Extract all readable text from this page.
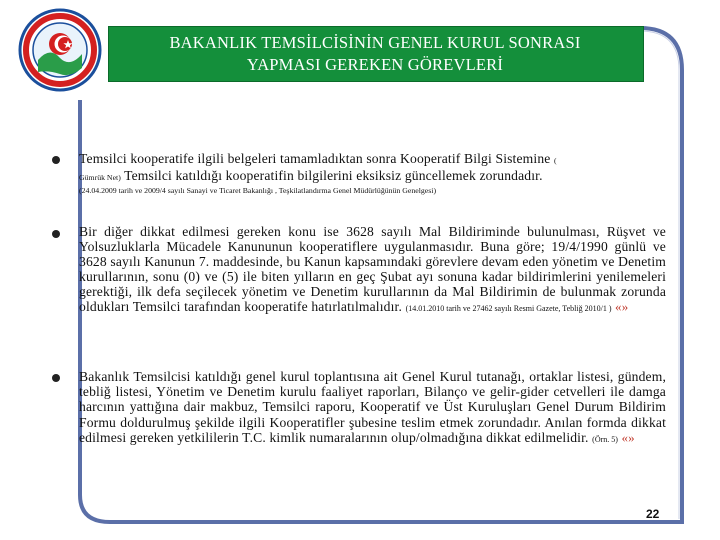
BAKANLIK TEMSİLCİSİNİN GENEL KURUL SONRASI
YAPMASI GEREKEN GÖREVLERİ
Temsilci kooperatife ilgili belgeleri tamamladıktan sonra Kooperatif Bilgi Sistemine (
Gümrük Net) Temsilci katıldığı kooperatifin bilgilerini eksiksiz güncellemek zorundadır.
$^{(24.04.2009 tarih ve 2009/4 sayılı Sanayi ve Ticaret Bakanlığı , Teşkilatlandırma Genel Müdürlüğünün Genelgesi)}$
Bir diğer dikkat edilmesi gereken konu ise 3628 sayılı Mal Bildiriminde bulunulması, Rüşvet ve Yolsuzluklarla Mücadele Kanununun kooperatiflere uygulanmasıdır. Buna göre; 19/4/1990 günlü ve 3628 sayılı Kanunun 7. maddesinde, bu Kanun kapsamındaki görevlere devam eden yönetim ve Denetim kurullarının, sonu (0) ve (5) ile biten yılların en geç Şubat ayı sonuna kadar bildirimlerini yenilemeleri gerektiği, ilk defa seçilecek yönetim ve Denetim kurullarının da Mal Bildirimin de bulunmak zorunda oldukları Temsilci tarafından kooperatife hatırlatılmalıdır. (14.01.2010 tarih ve 27462 sayılı Resmi Gazete, Tebliğ 2010/1 ) «»
Bakanlık Temsilcisi katıldığı genel kurul toplantısına ait Genel Kurul tutanağı, ortaklar listesi, gündem, tebliğ listesi, Yönetim ve Denetim kurulu faaliyet raporları, Bilanço ve gelir-gider cetvelleri ile damga harcının yattığına dair makbuz, Temsilci raporu, Kooperatif ve Üst Kuruluşları Genel Durum Bildirim Formu doldurulmuş şekilde ilgili Kooperatifler şubesine teslim etmek zorundadır. Anılan formda dikkat edilmesi gereken yetkililerin T.C. kimlik numaralarının olup/olmadığına dikkat edilmelidir. (Örn. 5) «»
22
